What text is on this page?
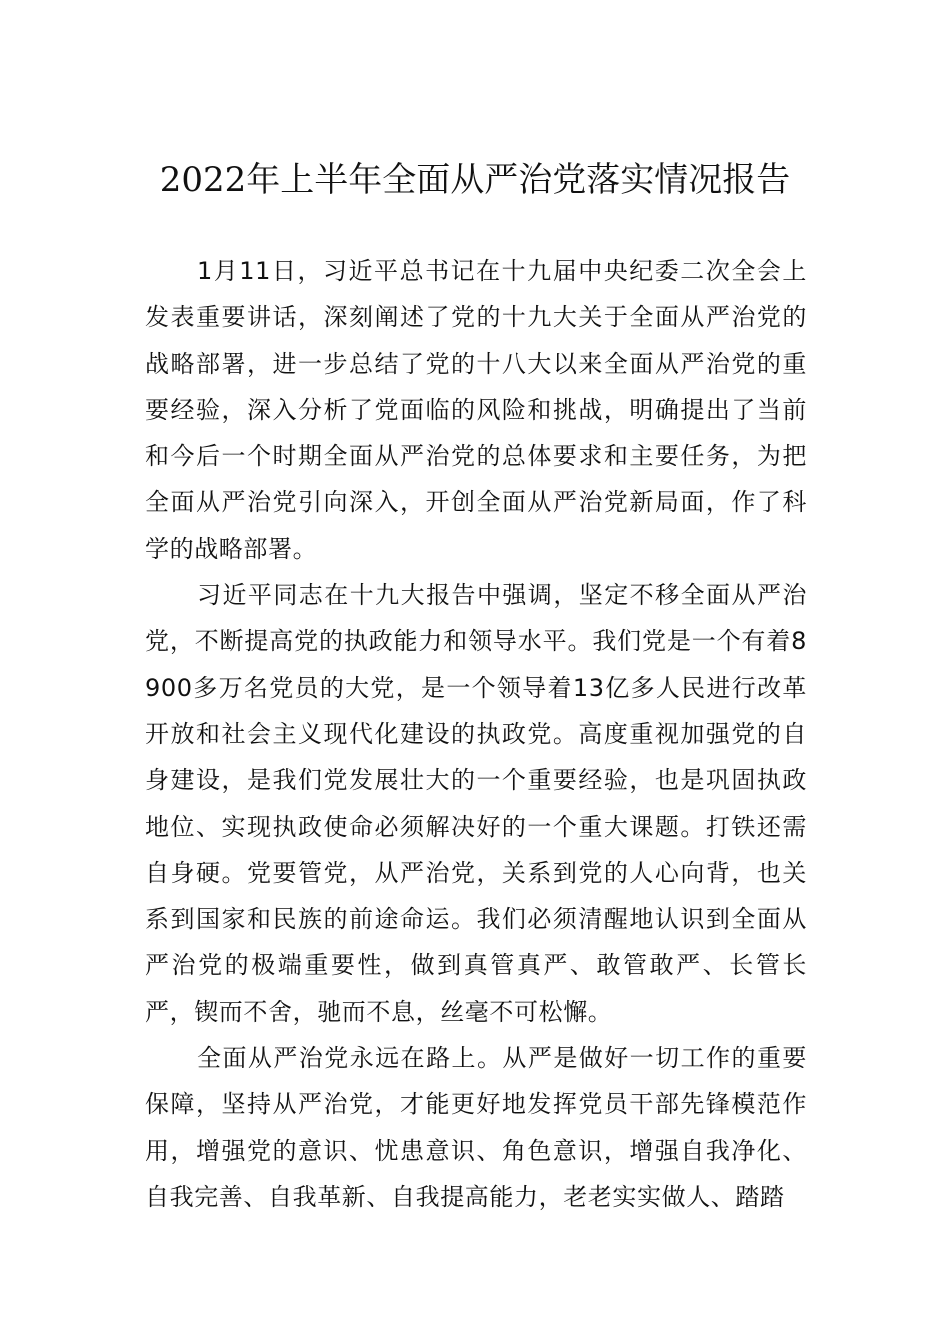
2022年上半年全面从严治党落实情况报告

1月11日，习近平总书记在十九届中央纪委二次全会上发表重要讲话，深刻阐述了党的十九大关于全面从严治党的战略部署，进一步总结了党的十八大以来全面从严治党的重要经验，深入分析了党面临的风险和挑战，明确提出了当前和今后一个时期全面从严治党的总体要求和主要任务，为把全面从严治党引向深入，开创全面从严治党新局面，作了科学的战略部署。

习近平同志在十九大报告中强调，坚定不移全面从严治党，不断提高党的执政能力和领导水平。我们党是一个有着8900多万名党员的大党，是一个领导着13亿多人民进行改革开放和社会主义现代化建设的执政党。高度重视加强党的自身建设，是我们党发展壮大的一个重要经验，也是巩固执政地位、实现执政使命必须解决好的一个重大课题。打铁还需自身硬。党要管党，从严治党，关系到党的人心向背，也关系到国家和民族的前途命运。我们必须清醒地认识到全面从严治党的极端重要性，做到真管真严、敢管敢严、长管长严，锲而不舍，驰而不息，丝毫不可松懈。

全面从严治党永远在路上。从严是做好一切工作的重要保障，坚持从严治党，才能更好地发挥党员干部先锋模范作用，增强党的意识、忧患意识、角色意识，增强自我净化、自我完善、自我革新、自我提高能力，老老实实做人、踏踏
